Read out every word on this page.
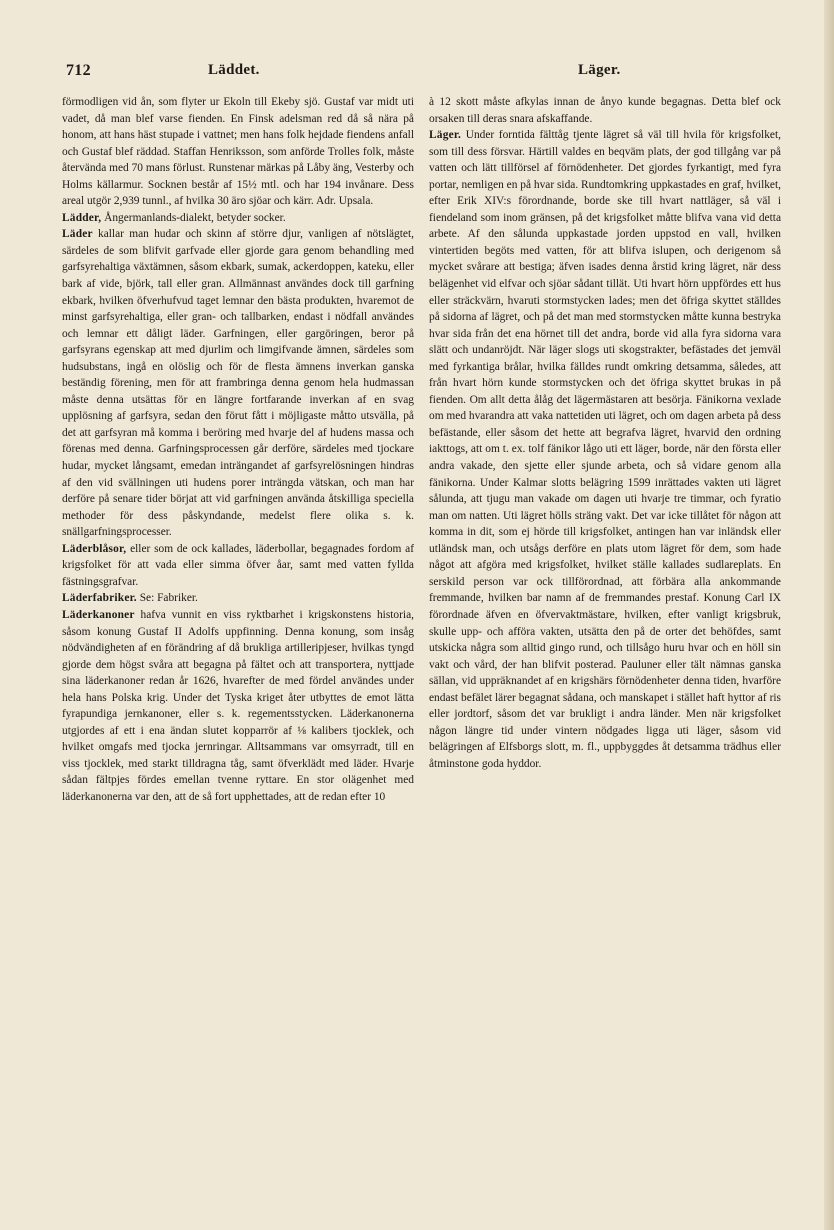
712	Läddet.	Läger.

förmodligen vid ån, som flyter ur Ekoln till Ekeby sjö. Gustaf var midt uti vadet, då man blef varse fienden. En Finsk adelsman red då så nära på honom, att hans häst stupade i vattnet; men hans folk hejdade fiendens anfall och Gustaf blef räddad. Staffan Henriksson, som anförde Trolles folk, måste återvända med 70 mans förlust. Runstenar märkas på Låby äng, Vesterby och Holms källarmur. Socknen består af 15½ mtl. och har 194 invånare. Dess areal utgör 2,939 tunnl., af hvilka 30 äro sjöar och kärr. Adr. Upsala.

Lädder, Ångermanlands-dialekt, betyder socker.

Läder kallar man hudar och skinn af större djur, vanligen af nötslägtet, särdeles de som blifvit garfvade eller gjorde gara genom behandling med garfsyrehaltiga växtämnen, såsom ekbark, sumak, ackerdoppen, kateku, eller bark af vide, björk, tall eller gran. Allmännast användes dock till garfning ekbark, hvilken öfverhufvud taget lemnar den bästa produkten, hvaremot de minst garfsyrehaltiga, eller gran- och tallbarken, endast i nödfall användes och lemnar ett dåligt läder. Garfningen, eller gargöringen, beror på garfsyrans egenskap att med djurlim och limgifvande ämnen, särdeles som hudsubstans, ingå en olöslig och för de flesta ämnens inverkan ganska beständig förening, men för att frambringa denna genom hela hudmassan måste denna utsättas för en längre fortfarande inverkan af en svag upplösning af garfsyra, sedan den förut fått i möjligaste måtto utsvälla, på det att garfsyran må komma i beröring med hvarje del af hudens massa och förenas med denna. Garfningsprocessen går derföre, särdeles med tjockare hudar, mycket långsamt, emedan inträngandet af garfsyrelösningen hindras af den vid svällningen uti hudens porer inträngda vätskan, och man har derföre på senare tider börjat att vid garfningen använda åtskilliga speciella methoder för dess påskyndande, medelst flere olika s. k. snällgarfningsprocesser.

Läderblåsor, eller som de ock kallades, läderbollar, begagnades fordom af krigsfolket för att vada eller simma öfver åar, samt med vatten fyllda fästningsgrafvar.

Läderfabriker. Se: Fabriker.

Läderkanoner hafva vunnit en viss ryktbarhet i krigskonstens historia, såsom konung Gustaf II Adolfs uppfinning. Denna konung, som insåg nödvändigheten af en förändring af då brukliga artilleripjeser, hvilkas tyngd gjorde dem högst svåra att begagna på fältet och att transportera, nyttjade sina läderkanoner redan år 1626, hvarefter de med fördel användes under hela hans Polska krig. Under det Tyska kriget åter utbyttes de emot lätta fyrapundiga jernkanoner, eller s. k. regementsstycken. Läderkanonerna utgjordes af ett i ena ändan slutet kopparrör af ⅛ kalibers tjocklek, och hvilket omgafs med tjocka jernringar. Alltsammans var omsyrradt, till en viss tjocklek, med starkt tilldragna tåg, samt öfverklädt med läder. Hvarje sådan fältpjes fördes emellan tvenne ryttare. En stor olägenhet med läderkanonerna var den, att de så fort upphettades, att de redan efter 10

à 12 skott måste afkylas innan de ånyo kunde begagnas. Detta blef ock orsaken till deras snara afskaffande.

Läger. Under forntida fälttåg tjente lägret så väl till hvila för krigsfolket, som till dess försvar. Härtill valdes en beqväm plats, der god tillgång var på vatten och lätt tillförsel af förnödenheter. Det gjordes fyrkantigt, med fyra portar, nemligen en på hvar sida. Rundtomkring uppkastades en graf, hvilket, efter Erik XIV:s förordnande, borde ske till hvart nattläger, så väl i fiendeland som inom gränsen, på det krigsfolket måtte blifva vana vid detta arbete. Af den sålunda uppkastade jorden uppstod en vall, hvilken vintertiden begöts med vatten, för att blifva islupen, och derigenom så mycket svårare att bestiga; äfven isades denna årstid kring lägret, när dess belägenhet vid elfvar och sjöar sådant tillät. Uti hvart hörn uppfördes ett hus eller sträckvärn, hvaruti stormstycken lades; men det öfriga skyttet ställdes på sidorna af lägret, och på det man med stormstycken måtte kunna bestryka hvar sida från det ena hörnet till det andra, borde vid alla fyra sidorna vara slätt och undanröjdt. När läger slogs uti skogstrakter, befästades det jemväl med fyrkantiga brålar, hvilka fälldes rundt omkring detsamma, således, att från hvart hörn kunde stormstycken och det öfriga skyttet brukas in på fienden. Om allt detta ålåg det lägermästaren att besörja. Fänikorna vexlade om med hvarandra att vaka nattetiden uti lägret, och om dagen arbeta på dess befästande, eller såsom det hette att begrafva lägret, hvarvid den ordning iakttogs, att om t. ex. tolf fänikor lågo uti ett läger, borde, när den första eller andra vakade, den sjette eller sjunde arbeta, och så vidare genom alla fänikorna. Under Kalmar slotts belägring 1599 inrättades vakten uti lägret sålunda, att tjugu man vakade om dagen uti hvarje tre timmar, och fyratio man om natten. Uti lägret hölls sträng vakt. Det var icke tillåtet för någon att komma in dit, som ej hörde till krigsfolket, antingen han var inländsk eller utländsk man, och utsågs derföre en plats utom lägret för dem, som hade något att afgöra med krigsfolket, hvilket ställe kallades sudlareplats. En serskild person var ock tillförordnad, att förbära alla ankommande fremmande, hvilken bar namn af de fremmandes prestaf. Konung Carl IX förordnade äfven en öfvervaktmästare, hvilken, efter vanligt krigsbruk, skulle upp- och afföra vakten, utsätta den på de orter det behöfdes, samt utskicka några som alltid gingo rund, och tillsågo huru hvar och en höll sin vakt och vård, der han blifvit posterad. Pauluner eller tält nämnas ganska sällan, vid uppräknandet af en krigshärs förnödenheter denna tiden, hvarföre endast befälet lärer begagnat sådana, och manskapet i stället haft hyttor af ris eller jordtorf, såsom det var brukligt i andra länder. Men när krigsfolket någon längre tid under vintern nödgades ligga uti läger, såsom vid belägringen af Elfsborgs slott, m. fl., uppbyggdes åt detsamma trädhus eller åtminstone goda hyddor.
